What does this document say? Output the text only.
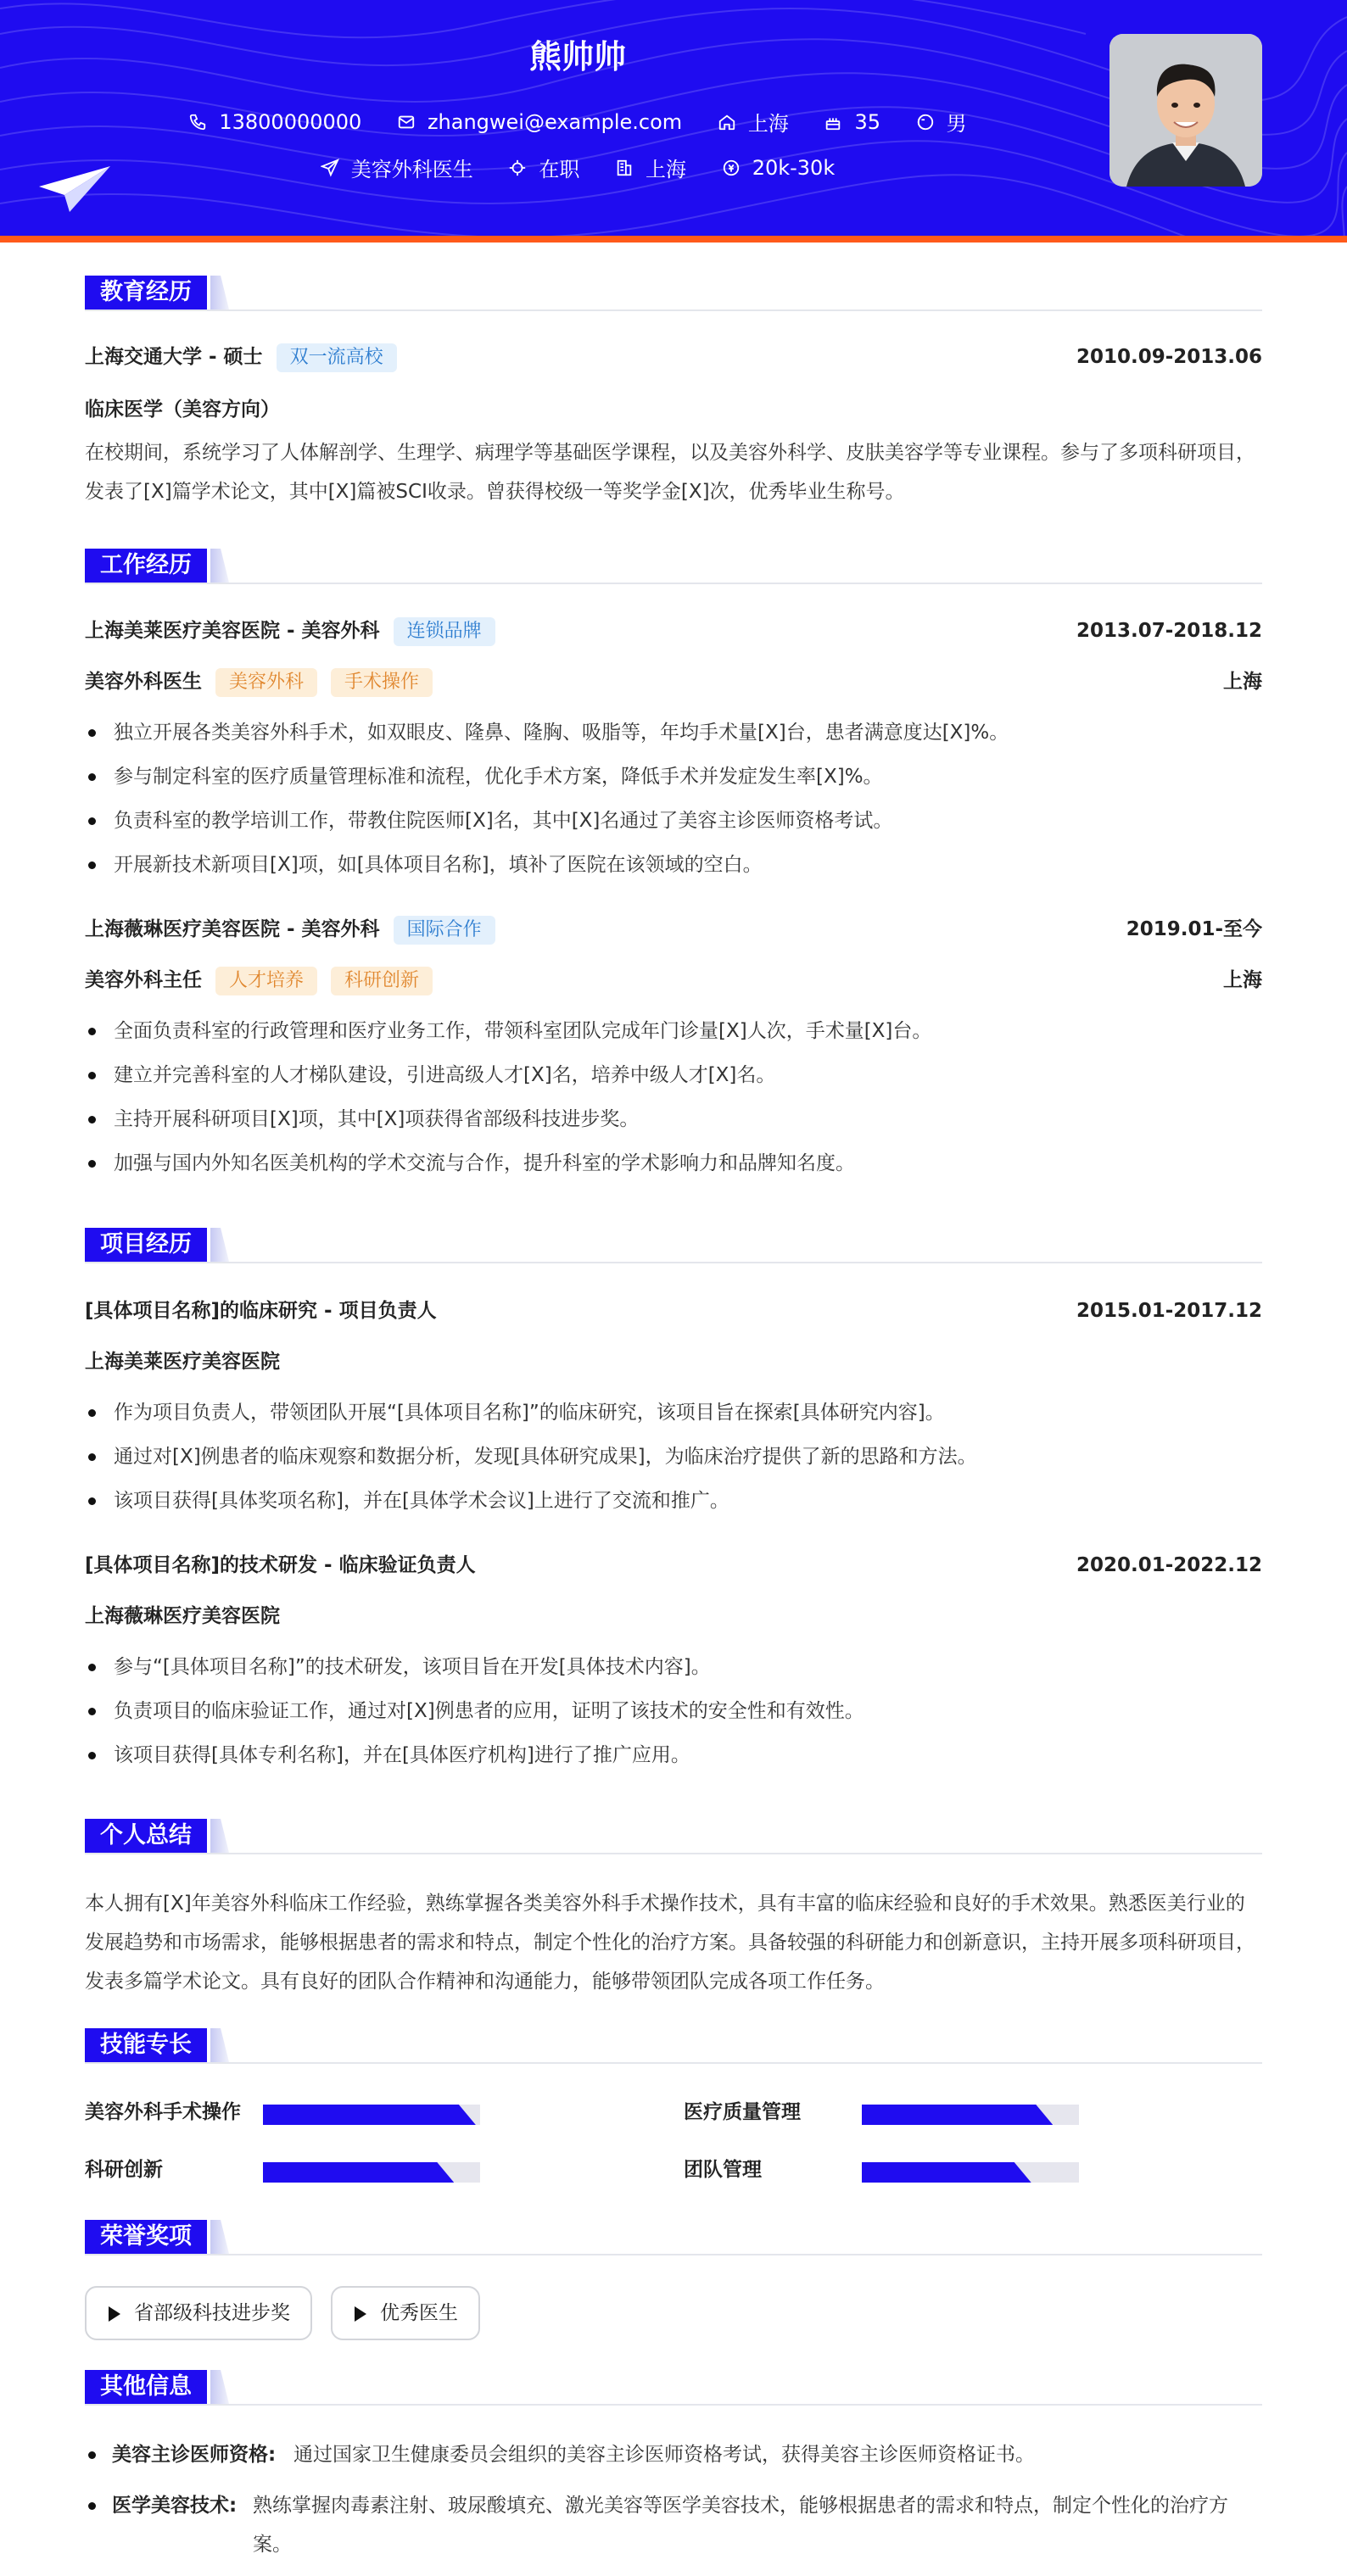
熊帅帅
13800000000
	zhangwei@example.com
	上海
	35
	男
美容外科医生
	在职
	上海
	20k-30k
教育经历
上海交通大学 - 硕士 双一流高校	2010.09-2013.06
临床医学（美容方向）
在校期间，系统学习了人体解剖学、生理学、病理学等基础医学课程，以及美容外科学、皮肤美容学等专业课程。参与了多项科研项目，发表了[X]篇学术论文，其中[X]篇被SCI收录。曾获得校级一等奖学金[X]次，优秀毕业生称号。
工作经历
上海美莱医疗美容医院 - 美容外科 连锁品牌	2013.07-2018.12
美容外科医生 美容外科 手术操作	上海
独立开展各类美容外科手术，如双眼皮、隆鼻、隆胸、吸脂等，年均手术量[X]台，患者满意度达[X]%。
参与制定科室的医疗质量管理标准和流程，优化手术方案，降低手术并发症发生率[X]%。
负责科室的教学培训工作，带教住院医师[X]名，其中[X]名通过了美容主诊医师资格考试。
开展新技术新项目[X]项，如[具体项目名称]，填补了医院在该领域的空白。
上海薇琳医疗美容医院 - 美容外科 国际合作	2019.01-至今
美容外科主任 人才培养 科研创新	上海
全面负责科室的行政管理和医疗业务工作，带领科室团队完成年门诊量[X]人次，手术量[X]台。
建立并完善科室的人才梯队建设，引进高级人才[X]名，培养中级人才[X]名。
主持开展科研项目[X]项，其中[X]项获得省部级科技进步奖。
加强与国内外知名医美机构的学术交流与合作，提升科室的学术影响力和品牌知名度。
项目经历
[具体项目名称]的临床研究 - 项目负责人	2015.01-2017.12
上海美莱医疗美容医院
作为项目负责人，带领团队开展“[具体项目名称]”的临床研究，该项目旨在探索[具体研究内容]。
通过对[X]例患者的临床观察和数据分析，发现[具体研究成果]，为临床治疗提供了新的思路和方法。
该项目获得[具体奖项名称]，并在[具体学术会议]上进行了交流和推广。
[具体项目名称]的技术研发 - 临床验证负责人	2020.01-2022.12
上海薇琳医疗美容医院
参与“[具体项目名称]”的技术研发，该项目旨在开发[具体技术内容]。
负责项目的临床验证工作，通过对[X]例患者的应用，证明了该技术的安全性和有效性。
该项目获得[具体专利名称]，并在[具体医疗机构]进行了推广应用。
个人总结
本人拥有[X]年美容外科临床工作经验，熟练掌握各类美容外科手术操作技术，具有丰富的临床经验和良好的手术效果。熟悉医美行业的发展趋势和市场需求，能够根据患者的需求和特点，制定个性化的治疗方案。具备较强的科研能力和创新意识，主持开展多项科研项目，发表多篇学术论文。具有良好的团队合作精神和沟通能力，能够带领团队完成各项工作任务。
技能专长
美容外科手术操作	医疗质量管理
科研创新	团队管理
荣誉奖项
省部级科技进步奖	优秀医生
其他信息
美容主诊医师资格: 通过国家卫生健康委员会组织的美容主诊医师资格考试，获得美容主诊医师资格证书。
医学美容技术: 熟练掌握肉毒素注射、玻尿酸填充、激光美容等医学美容技术，能够根据患者的需求和特点，制定个性化的治疗方案。
